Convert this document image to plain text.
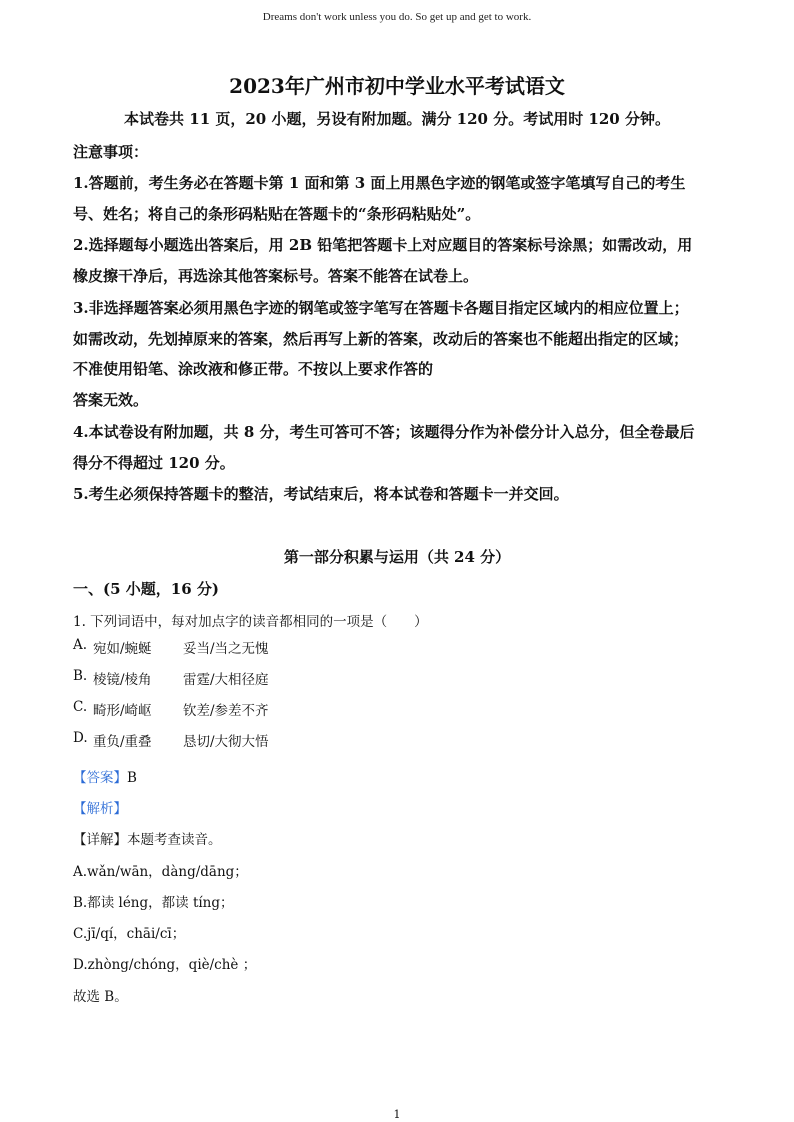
Dreams don't work unless you do. So get up and get to work.
2023年广州市初中学业水平考试语文
本试卷共 11 页，20 小题，另设有附加题。满分 120 分。考试用时 120 分钟。
注意事项：
1.答题前，考生务必在答题卡第 1 面和第 3 面上用黑色字迹的钢笔或签字笔填写自己的考生
号、姓名；将自己的条形码粘贴在答题卡的“条形码粘贴处”。
2.选择题每小题选出答案后，用 2B 铅笔把答题卡上对应题目的答案标号涂黑；如需改动，用
橡皮擦干净后，再选涂其他答案标号。答案不能答在试卷上。
3.非选择题答案必须用黑色字迹的钢笔或签字笔写在答题卡各题目指定区域内的相应位置上；
如需改动，先划掉原来的答案，然后再写上新的答案，改动后的答案也不能超出指定的区域；
不准使用铅笔、涂改液和修正带。不按以上要求作答的
答案无效。
4.本试卷设有附加题，共 8 分，考生可答可不答；该题得分作为补偿分计入总分，但全卷最后
得分不得超过 120 分。
5.考生必须保持答题卡的整洁，考试结束后，将本试卷和答题卡一并交回。
第一部分积累与运用（共 24 分）
一、(5 小题，16 分)
1. 下列词语中，每对加点字的读音都相同的一项是（　　）
A. 宛如/蜿蜒 妥当/当之无愧
B. 棱镜/棱角 雷霆/大相径庭
C. 畸形/崎岖 钦差/参差不齐
D. 重负/重叠 恳切/大彻大悟
【答案】B
【解析】
【详解】本题考查读音。
A.wǎn/wān，dàng/dāng；
B.都读 léng，都读 tíng；
C.jī/qí，chāi/cī；
D.zhòng/chóng，qiè/chè ；
故选 B。
1
